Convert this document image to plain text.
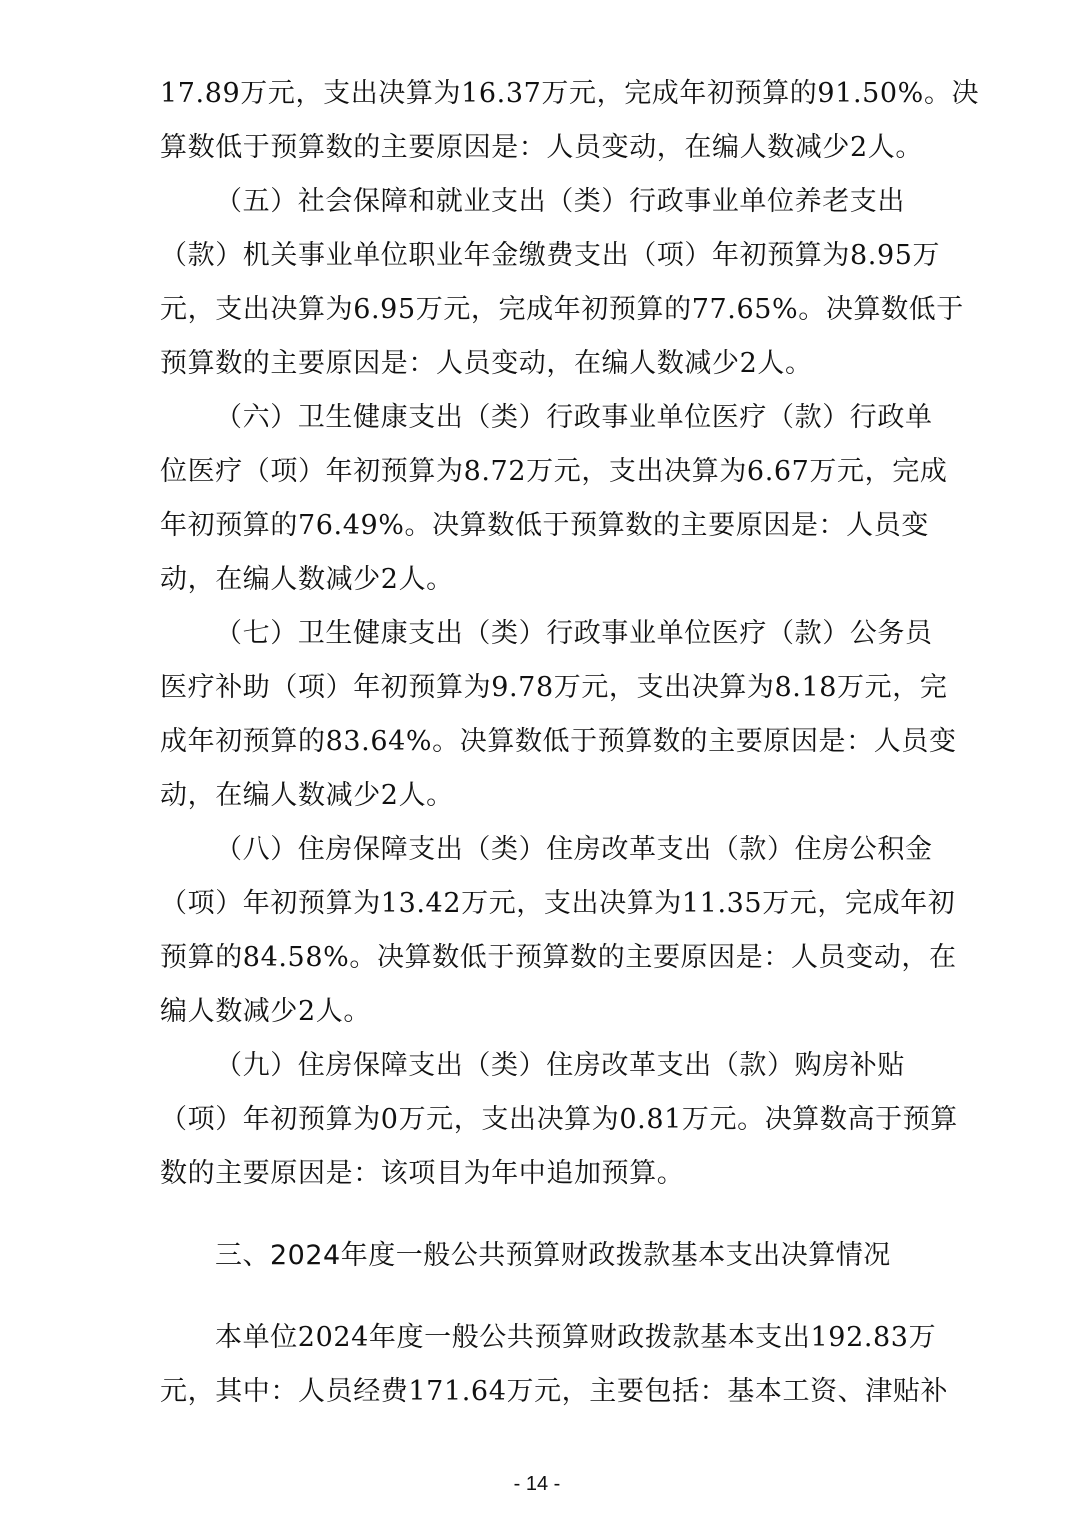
17.89万元，支出决算为16.37万元，完成年初预算的91.50%。决
算数低于预算数的主要原因是：人员变动，在编人数减少2人。
（五）社会保障和就业支出（类）行政事业单位养老支出
（款）机关事业单位职业年金缴费支出（项）年初预算为8.95万
元，支出决算为6.95万元，完成年初预算的77.65%。决算数低于
预算数的主要原因是：人员变动，在编人数减少2人。
（六）卫生健康支出（类）行政事业单位医疗（款）行政单
位医疗（项）年初预算为8.72万元，支出决算为6.67万元，完成
年初预算的76.49%。决算数低于预算数的主要原因是：人员变
动，在编人数减少2人。
（七）卫生健康支出（类）行政事业单位医疗（款）公务员
医疗补助（项）年初预算为9.78万元，支出决算为8.18万元，完
成年初预算的83.64%。决算数低于预算数的主要原因是：人员变
动，在编人数减少2人。
（八）住房保障支出（类）住房改革支出（款）住房公积金
（项）年初预算为13.42万元，支出决算为11.35万元，完成年初
预算的84.58%。决算数低于预算数的主要原因是：人员变动，在
编人数减少2人。
（九）住房保障支出（类）住房改革支出（款）购房补贴
（项）年初预算为0万元，支出决算为0.81万元。决算数高于预算
数的主要原因是：该项目为年中追加预算。
三、2024年度一般公共预算财政拨款基本支出决算情况
本单位2024年度一般公共预算财政拨款基本支出192.83万
元，其中：人员经费171.64万元，主要包括：基本工资、津贴补
- 14 -
